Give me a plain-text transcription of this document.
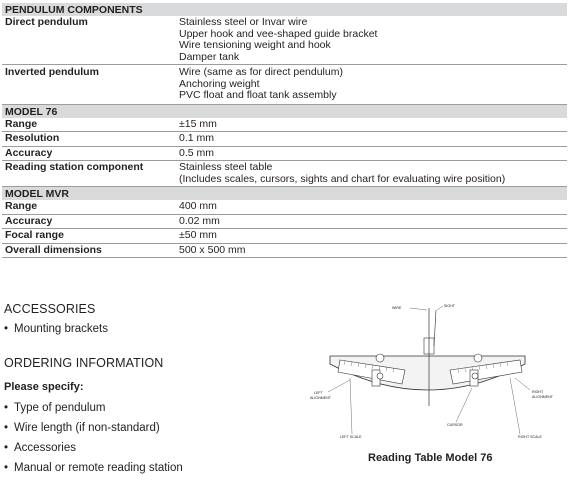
PENDULUM COMPONENTS
Direct pendulum	Stainless steel or Invar wire
Upper hook and vee-shaped guide bracket
Wire tensioning weight and hook
Damper tank
Inverted pendulum	Wire (same as for direct pendulum)
Anchoring weight
PVC float and float tank assembly
MODEL 76
Range	±15 mm
Resolution	0.1 mm
Accuracy	0.5 mm
Reading station component	Stainless steel table
(Includes scales, cursors, sights and chart for evaluating wire position)
MODEL MVR
Range	400 mm
Accuracy	0.02 mm
Focal range	±50 mm
Overall dimensions	500 x 500 mm
ACCESSORIES
• Mounting brackets
ORDERING INFORMATION
Please specify:
• Type of pendulum
• Wire length (if non-standard)
• Accessories
• Manual or remote reading station
WIRE	SIGHT
LEFT
ALIGNMENT
RIGHT
ALIGNMENT
CURSOR
LEFT SCALE	RIGHT SCALE
Reading Table Model 76
